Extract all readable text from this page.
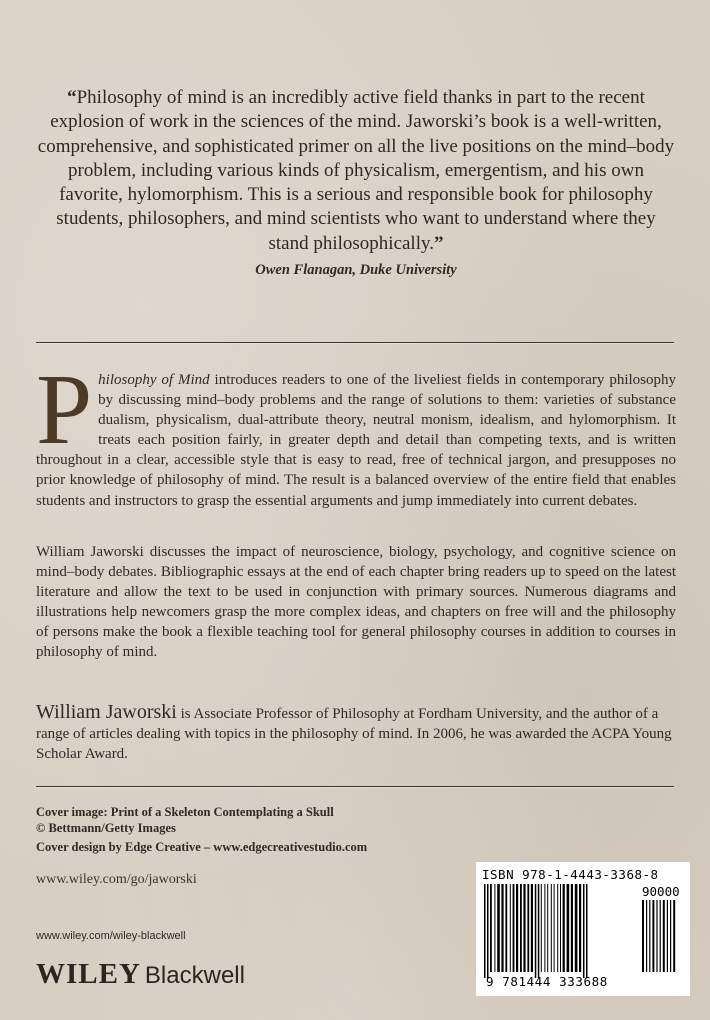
“Philosophy of mind is an incredibly active field thanks in part to the recent explosion of work in the sciences of the mind. Jaworski’s book is a well-written, comprehensive, and sophisticated primer on all the live positions on the mind–body problem, including various kinds of physicalism, emergentism, and his own favorite, hylomorphism. This is a serious and responsible book for philosophy students, philosophers, and mind scientists who want to understand where they stand philosophically.”
Owen Flanagan, Duke University

Philosophy of Mind introduces readers to one of the liveliest fields in contemporary philosophy by discussing mind–body problems and the range of solutions to them: varieties of substance dualism, physicalism, dual-attribute theory, neutral monism, idealism, and hylomorphism. It treats each position fairly, in greater depth and detail than competing texts, and is written throughout in a clear, accessible style that is easy to read, free of technical jargon, and presupposes no prior knowledge of philosophy of mind. The result is a balanced overview of the entire field that enables students and instructors to grasp the essential arguments and jump immediately into current debates.

William Jaworski discusses the impact of neuroscience, biology, psychology, and cognitive science on mind–body debates. Bibliographic essays at the end of each chapter bring readers up to speed on the latest literature and allow the text to be used in conjunction with primary sources. Numerous diagrams and illustrations help newcomers grasp the more complex ideas, and chapters on free will and the philosophy of persons make the book a flexible teaching tool for general philosophy courses in addition to courses in philosophy of mind.

William Jaworski is Associate Professor of Philosophy at Fordham University, and the author of a range of articles dealing with topics in the philosophy of mind. In 2006, he was awarded the ACPA Young Scholar Award.
Cover image: Print of a Skeleton Contemplating a Skull
© Bettmann/Getty Images
Cover design by Edge Creative – www.edgecreativestudio.com
www.wiley.com/go/jaworski
www.wiley.com/wiley-blackwell
WILEY Blackwell
ISBN 978-1-4443-3368-8
90000
9 781444 333688
